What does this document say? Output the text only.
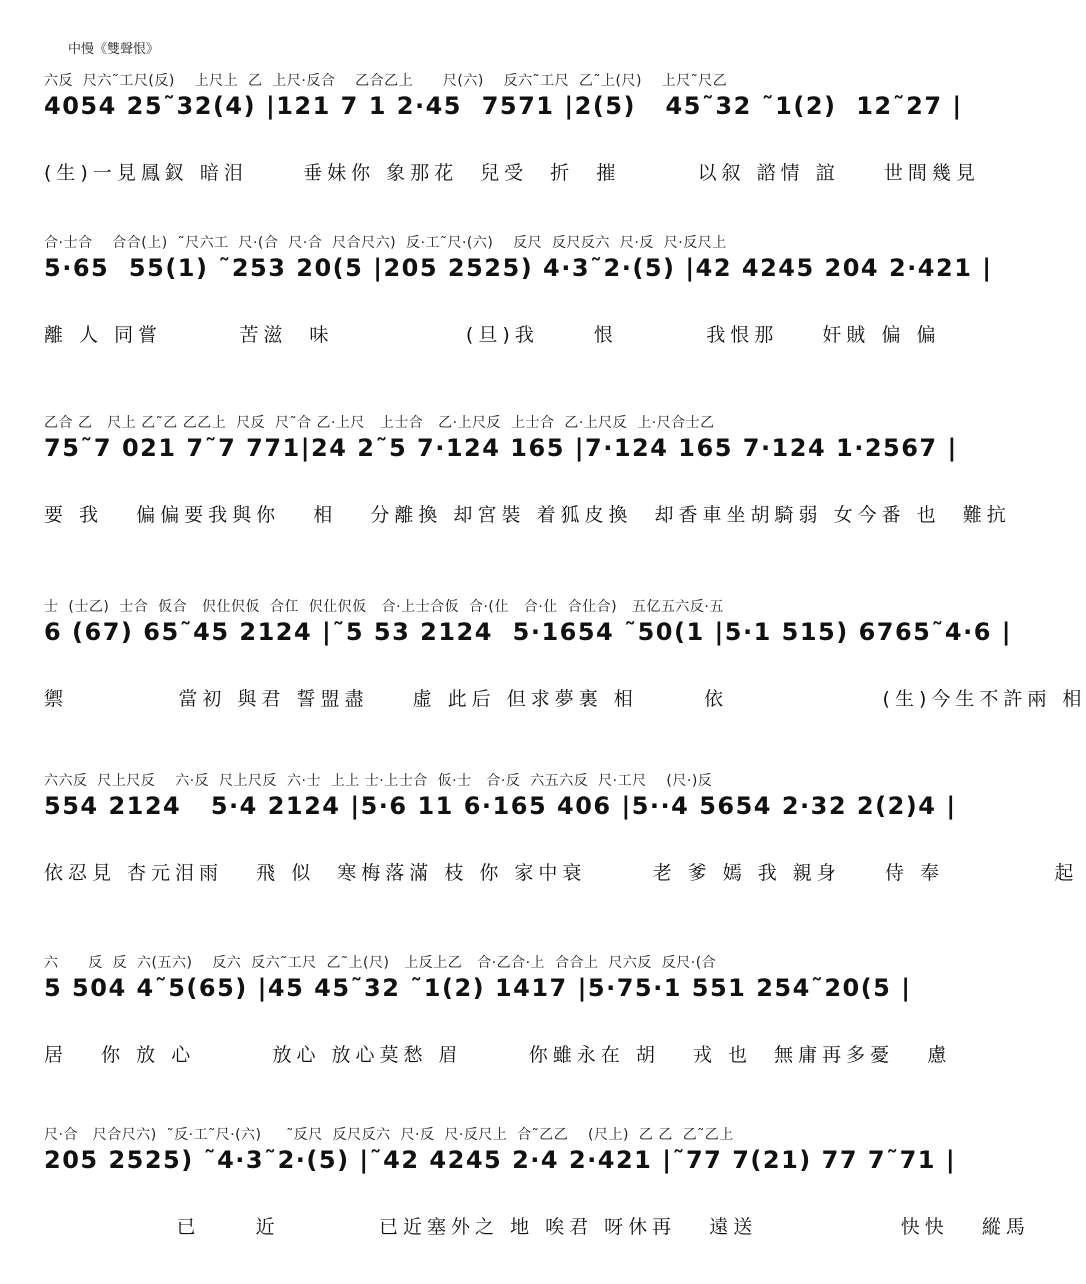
中慢《雙聲恨》
六反  尺六˜工尺(反)    上尺上  乙  上尺·反合    乙合乙上      尺(六)    反六˜工尺  乙˜上(尺)    上尺˜尺乙
4054 25˜32(4) |121 7 1 2·45  7571 |2(5)   45˜32 ˜1(2)  12˜27 |
(生)一見鳳釵 暗泪     垂妹你 象那花  兒受  折  摧       以叙 諮情 誼    世間幾見
合·士合    合合(上)  ˜尺六工  尺·(合  尺·合  尺合尺六)  反·工˜尺·(六)    反尺  反尺反六  尺·反  尺·反尺上
5·65  55(1) ˜253 20(5 |205 2525) 4·3˜2·(5) |42 4245 204 2·421 |
離 人 同嘗       苦滋  味            (旦)我     恨        我恨那    奸賊 偏 偏
乙合 乙   尺上 乙˜乙 乙乙上  尺反  尺˜合 乙·上尺   上士合   乙·上尺反  上士合  乙·上尺反  上·尺合士乙
75˜7 021 7˜7 771|24 2˜5 7·124 165 |7·124 165 7·124 1·2567 |
要 我   偏偏要我與你   相   分離換 却宮裝 着狐皮換  却香車坐胡騎弱 女今番 也  難抗
士  (士乙)  士合  仮合   伬仩伬仮  合仜  伬仩伬仮   合·上士合仮  合·(仩   合·仩  合仩合)   五亿五六反·五
6 (67) 65˜45 2124 |˜5 53 2124  5·1654 ˜50(1 |5·1 515) 6765˜4·6 |
禦          當初 與君 誓盟盡    虛 此后 但求夢裏 相      依              (生)今生不許兩 相
六六反  尺上尺反    六·反  尺上尺反  六·士  上上 士·上士合  仮·士   合·反  六五六反  尺·工尺    (尺·)反
554 2124   5·4 2124 |5·6 11 6·165 406 |5··4 5654 2·32 2(2)4 |
依忍見 杏元泪雨   飛 似  寒梅落滿 枝 你 家中衰      老 爹 嫣 我 親身    侍 奉          起
六      反  反  六(五六)    反六  反六˜工尺  乙˜上(尺)   上反上乙   合·乙合·上  合合上  尺六反  反尺·(合
5 504 4˜5(65) |45 45˜32 ˜1(2) 1417 |5·75·1 551 254˜20(5 |
居   你 放 心       放心 放心莫愁 眉      你雖永在 胡   戎 也  無庸再多憂   慮
尺·合   尺合尺六)  ˜反·工˜尺·(六)     ˜反尺  反尺反六  尺·反  尺·反尺上  合˜乙乙    (尺上)  乙 乙  乙˜乙上
205 2525) ˜4·3˜2·(5) |˜42 4245 2·4 2·421 |˜77 7(21) 77 7˜71 |
已     近         已近塞外之 地 唉君 呀休再   遠送             快快   縱馬
